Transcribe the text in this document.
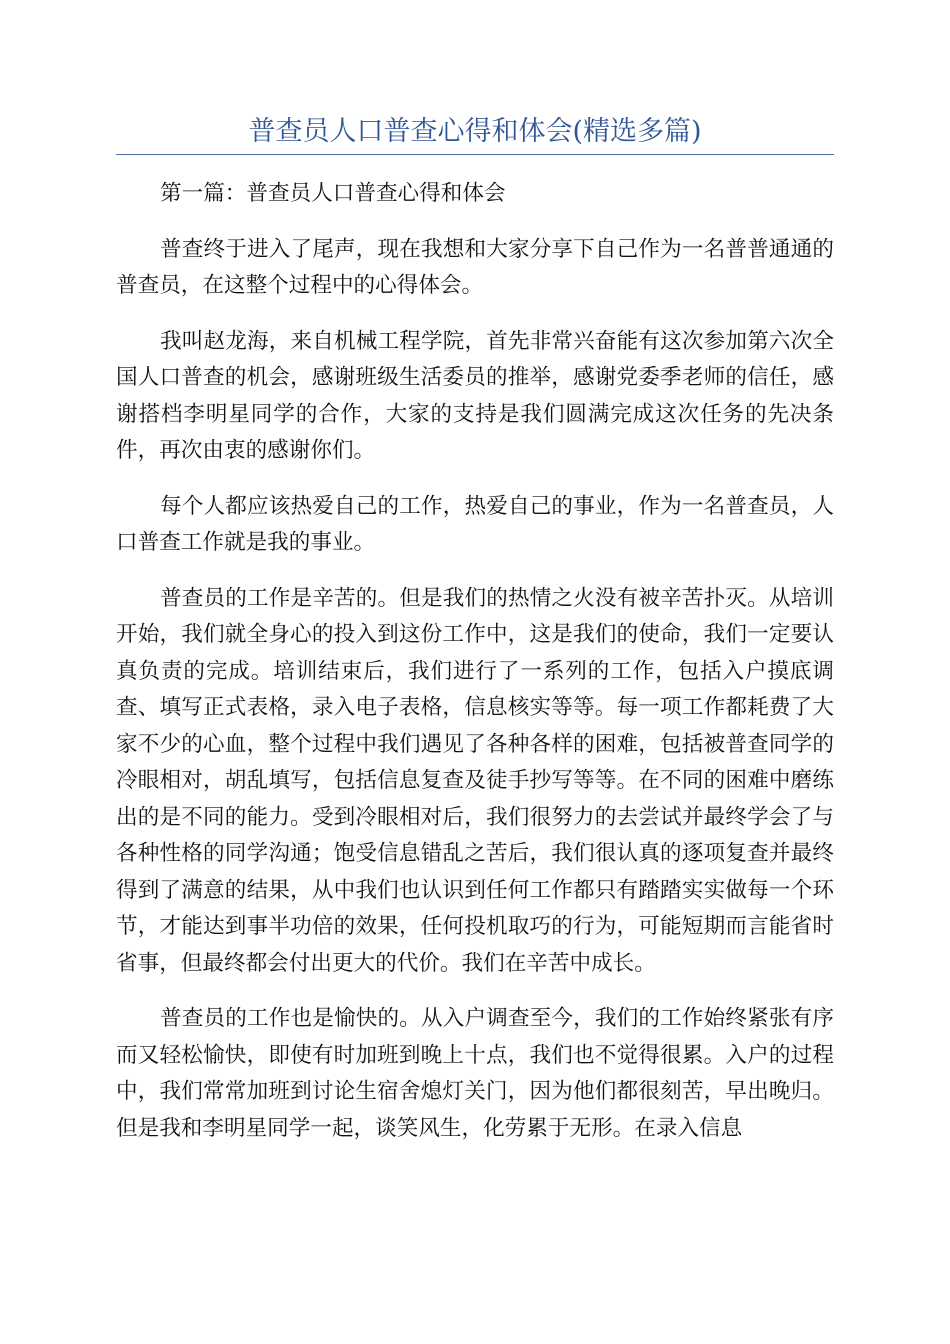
普查员人口普查心得和体会(精选多篇)

第一篇：普查员人口普查心得和体会

普查终于进入了尾声，现在我想和大家分享下自己作为一名普普通通的普查员，在这整个过程中的心得体会。

我叫赵龙海，来自机械工程学院，首先非常兴奋能有这次参加第六次全国人口普查的机会，感谢班级生活委员的推举，感谢党委季老师的信任，感谢搭档李明星同学的合作，大家的支持是我们圆满完成这次任务的先决条件，再次由衷的感谢你们。

每个人都应该热爱自己的工作，热爱自己的事业，作为一名普查员，人口普查工作就是我的事业。

普查员的工作是辛苦的。但是我们的热情之火没有被辛苦扑灭。从培训开始，我们就全身心的投入到这份工作中，这是我们的使命，我们一定要认真负责的完成。培训结束后，我们进行了一系列的工作，包括入户摸底调查、填写正式表格，录入电子表格，信息核实等等。每一项工作都耗费了大家不少的心血，整个过程中我们遇见了各种各样的困难，包括被普查同学的冷眼相对，胡乱填写，包括信息复查及徒手抄写等等。在不同的困难中磨练出的是不同的能力。受到冷眼相对后，我们很努力的去尝试并最终学会了与各种性格的同学沟通；饱受信息错乱之苦后，我们很认真的逐项复查并最终得到了满意的结果，从中我们也认识到任何工作都只有踏踏实实做每一个环节，才能达到事半功倍的效果，任何投机取巧的行为，可能短期而言能省时省事，但最终都会付出更大的代价。我们在辛苦中成长。

普查员的工作也是愉快的。从入户调查至今，我们的工作始终紧张有序而又轻松愉快，即使有时加班到晚上十点，我们也不觉得很累。入户的过程中，我们常常加班到讨论生宿舍熄灯关门，因为他们都很刻苦，早出晚归。但是我和李明星同学一起，谈笑风生，化劳累于无形。在录入信息
